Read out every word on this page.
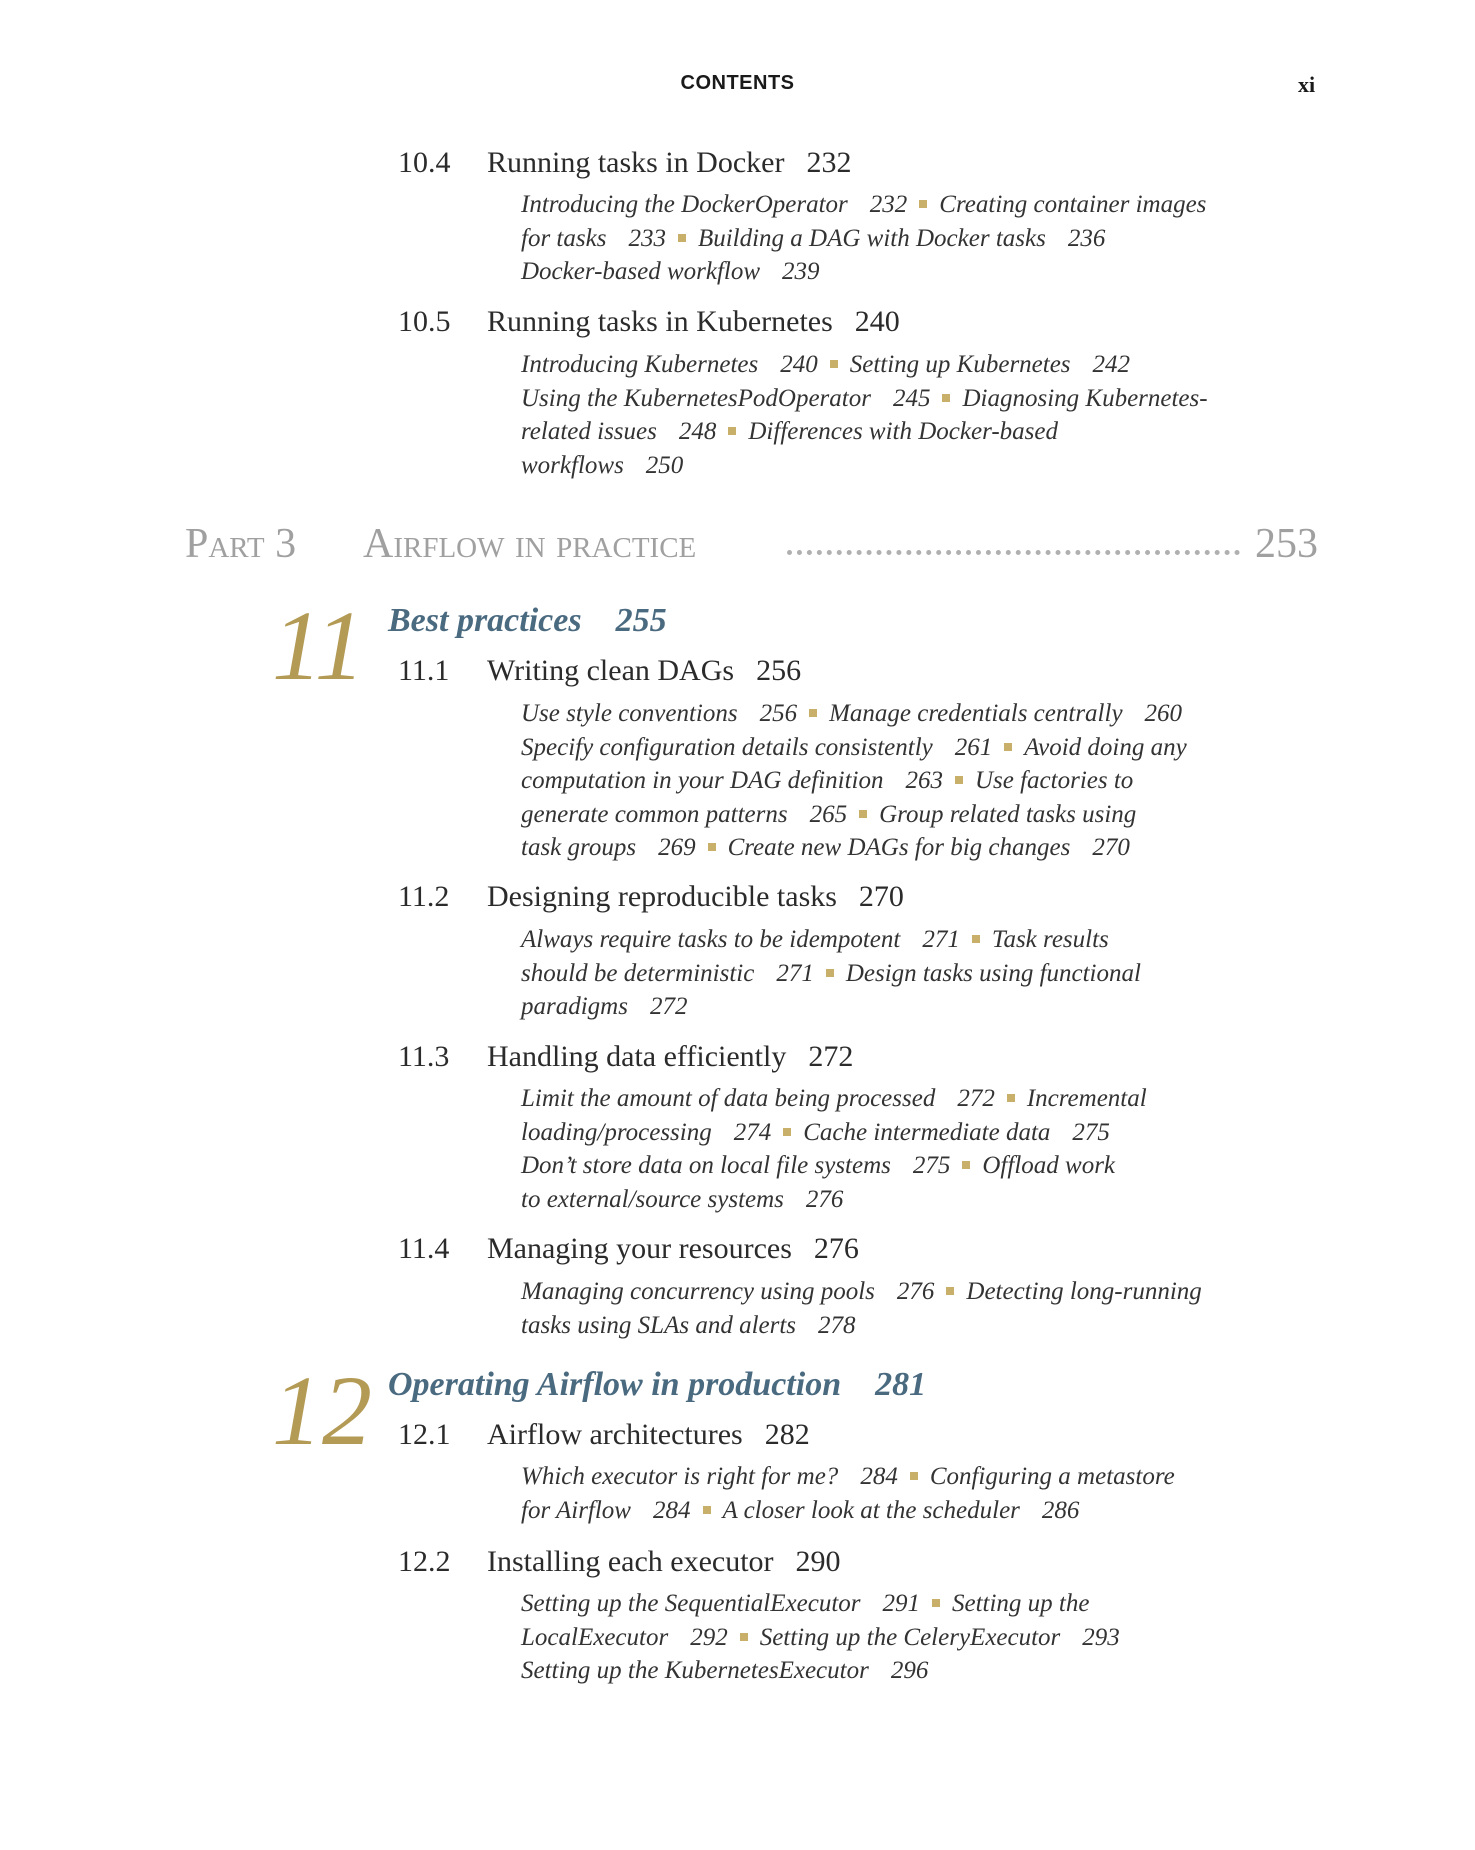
CONTENTS	xi
10.4 Running tasks in Docker 232
Introducing the DockerOperator 232 Creating container images
for tasks 233 Building a DAG with Docker tasks 236
Docker-based workflow 239
10.5 Running tasks in Kubernetes 240
Introducing Kubernetes 240 Setting up Kubernetes 242
Using the KubernetesPodOperator 245 Diagnosing Kubernetes-
related issues 248 Differences with Docker-based
workflows 250
Part 3 Airflow in practice	253
11 Best practices 255
11.1 Writing clean DAGs 256
Use style conventions 256 Manage credentials centrally 260
Specify configuration details consistently 261 Avoid doing any
computation in your DAG definition 263 Use factories to
generate common patterns 265 Group related tasks using
task groups 269 Create new DAGs for big changes 270
11.2 Designing reproducible tasks 270
Always require tasks to be idempotent 271 Task results
should be deterministic 271 Design tasks using functional
paradigms 272
11.3 Handling data efficiently 272
Limit the amount of data being processed 272 Incremental
loading/processing 274 Cache intermediate data 275
Don’t store data on local file systems 275 Offload work
to external/source systems 276
11.4 Managing your resources 276
Managing concurrency using pools 276 Detecting long-running
tasks using SLAs and alerts 278
12 Operating Airflow in production 281
12.1 Airflow architectures 282
Which executor is right for me? 284 Configuring a metastore
for Airflow 284 A closer look at the scheduler 286
12.2 Installing each executor 290
Setting up the SequentialExecutor 291 Setting up the
LocalExecutor 292 Setting up the CeleryExecutor 293
Setting up the KubernetesExecutor 296
